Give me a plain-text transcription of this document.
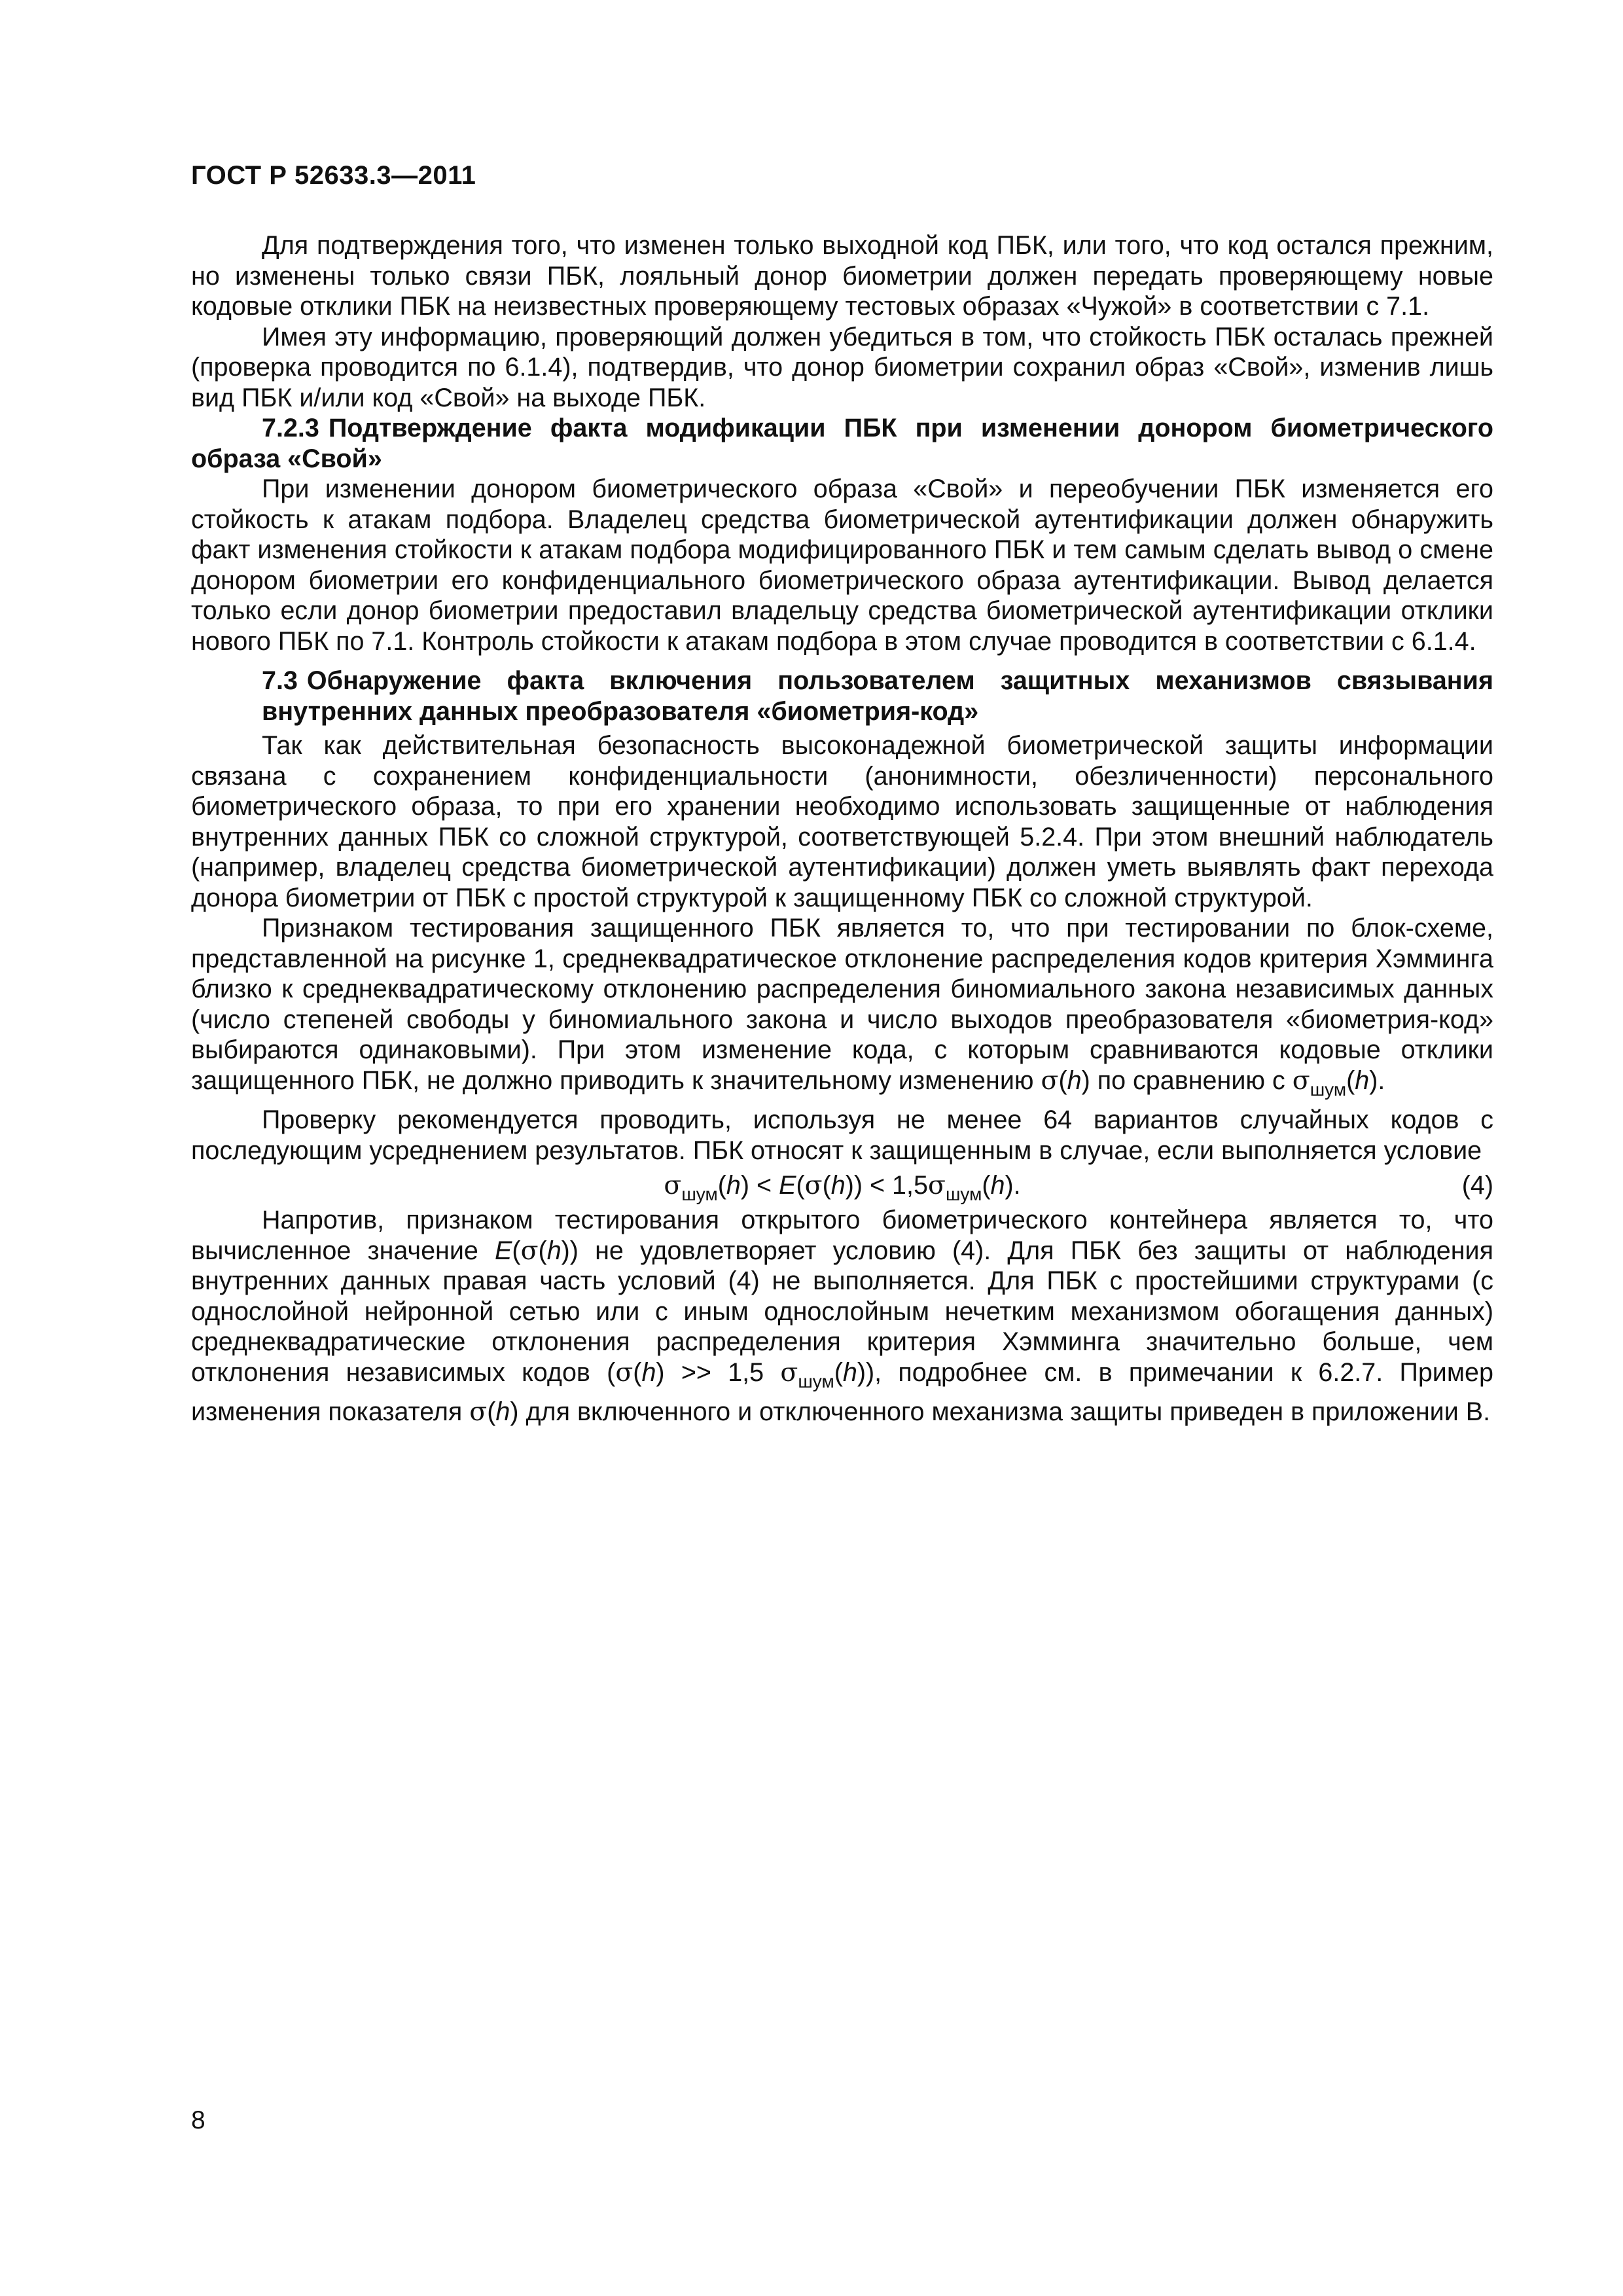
ГОСТ Р 52633.3—2011

Для подтверждения того, что изменен только выходной код ПБК, или того, что код остался прежним, но изменены только связи ПБК, лояльный донор биометрии должен передать проверяющему новые кодовые отклики ПБК на неизвестных проверяющему тестовых образах «Чужой» в соответствии с 7.1.

Имея эту информацию, проверяющий должен убедиться в том, что стойкость ПБК осталась прежней (проверка проводится по 6.1.4), подтвердив, что донор биометрии сохранил образ «Свой», изменив лишь вид ПБК и/или код «Свой» на выходе ПБК.

7.2.3 Подтверждение факта модификации ПБК при изменении донором биометрического образа «Свой»

При изменении донором биометрического образа «Свой» и переобучении ПБК изменяется его стойкость к атакам подбора. Владелец средства биометрической аутентификации должен обнаружить факт изменения стойкости к атакам подбора модифицированного ПБК и тем самым сделать вывод о смене донором биометрии его конфиденциального биометрического образа аутентификации. Вывод делается только если донор биометрии предоставил владельцу средства биометрической аутентификации отклики нового ПБК по 7.1. Контроль стойкости к атакам подбора в этом случае проводится в соответствии с 6.1.4.

7.3 Обнаружение факта включения пользователем защитных механизмов связывания внутренних данных преобразователя «биометрия-код»

Так как действительная безопасность высоконадежной биометрической защиты информации связана с сохранением конфиденциальности (анонимности, обезличенности) персонального биометрического образа, то при его хранении необходимо использовать защищенные от наблюдения внутренних данных ПБК со сложной структурой, соответствующей 5.2.4. При этом внешний наблюдатель (например, владелец средства биометрической аутентификации) должен уметь выявлять факт перехода донора биометрии от ПБК с простой структурой к защищенному ПБК со сложной структурой.

Признаком тестирования защищенного ПБК является то, что при тестировании по блок-схеме, представленной на рисунке 1, среднеквадратическое отклонение распределения кодов критерия Хэмминга близко к среднеквадратическому отклонению распределения биномиального закона независимых данных (число степеней свободы у биномиального закона и число выходов преобразователя «биометрия-код» выбираются одинаковыми). При этом изменение кода, с которым сравниваются кодовые отклики защищенного ПБК, не должно приводить к значительному изменению σ(h) по сравнению с $\sigma_{шум}(h)$.

Проверку рекомендуется проводить, используя не менее 64 вариантов случайных кодов с последующим усреднением результатов. ПБК относят к защищенным в случае, если выполняется условие

$\sigma_{шум}(h) < E(\sigma(h)) < 1,5\sigma_{шум}(h)$.	(4)

Напротив, признаком тестирования открытого биометрического контейнера является то, что вычисленное значение E(σ(h)) не удовлетворяет условию (4). Для ПБК без защиты от наблюдения внутренних данных правая часть условий (4) не выполняется. Для ПБК с простейшими структурами (с однослойной нейронной сетью или с иным однослойным нечетким механизмом обогащения данных) среднеквадратические отклонения распределения критерия Хэмминга значительно больше, чем отклонения независимых кодов (σ(h) >> 1,5 $\sigma_{шум}(h)$), подробнее см. в примечании к 6.2.7. Пример изменения показателя σ(h) для включенного и отключенного механизма защиты приведен в приложении В.

8
